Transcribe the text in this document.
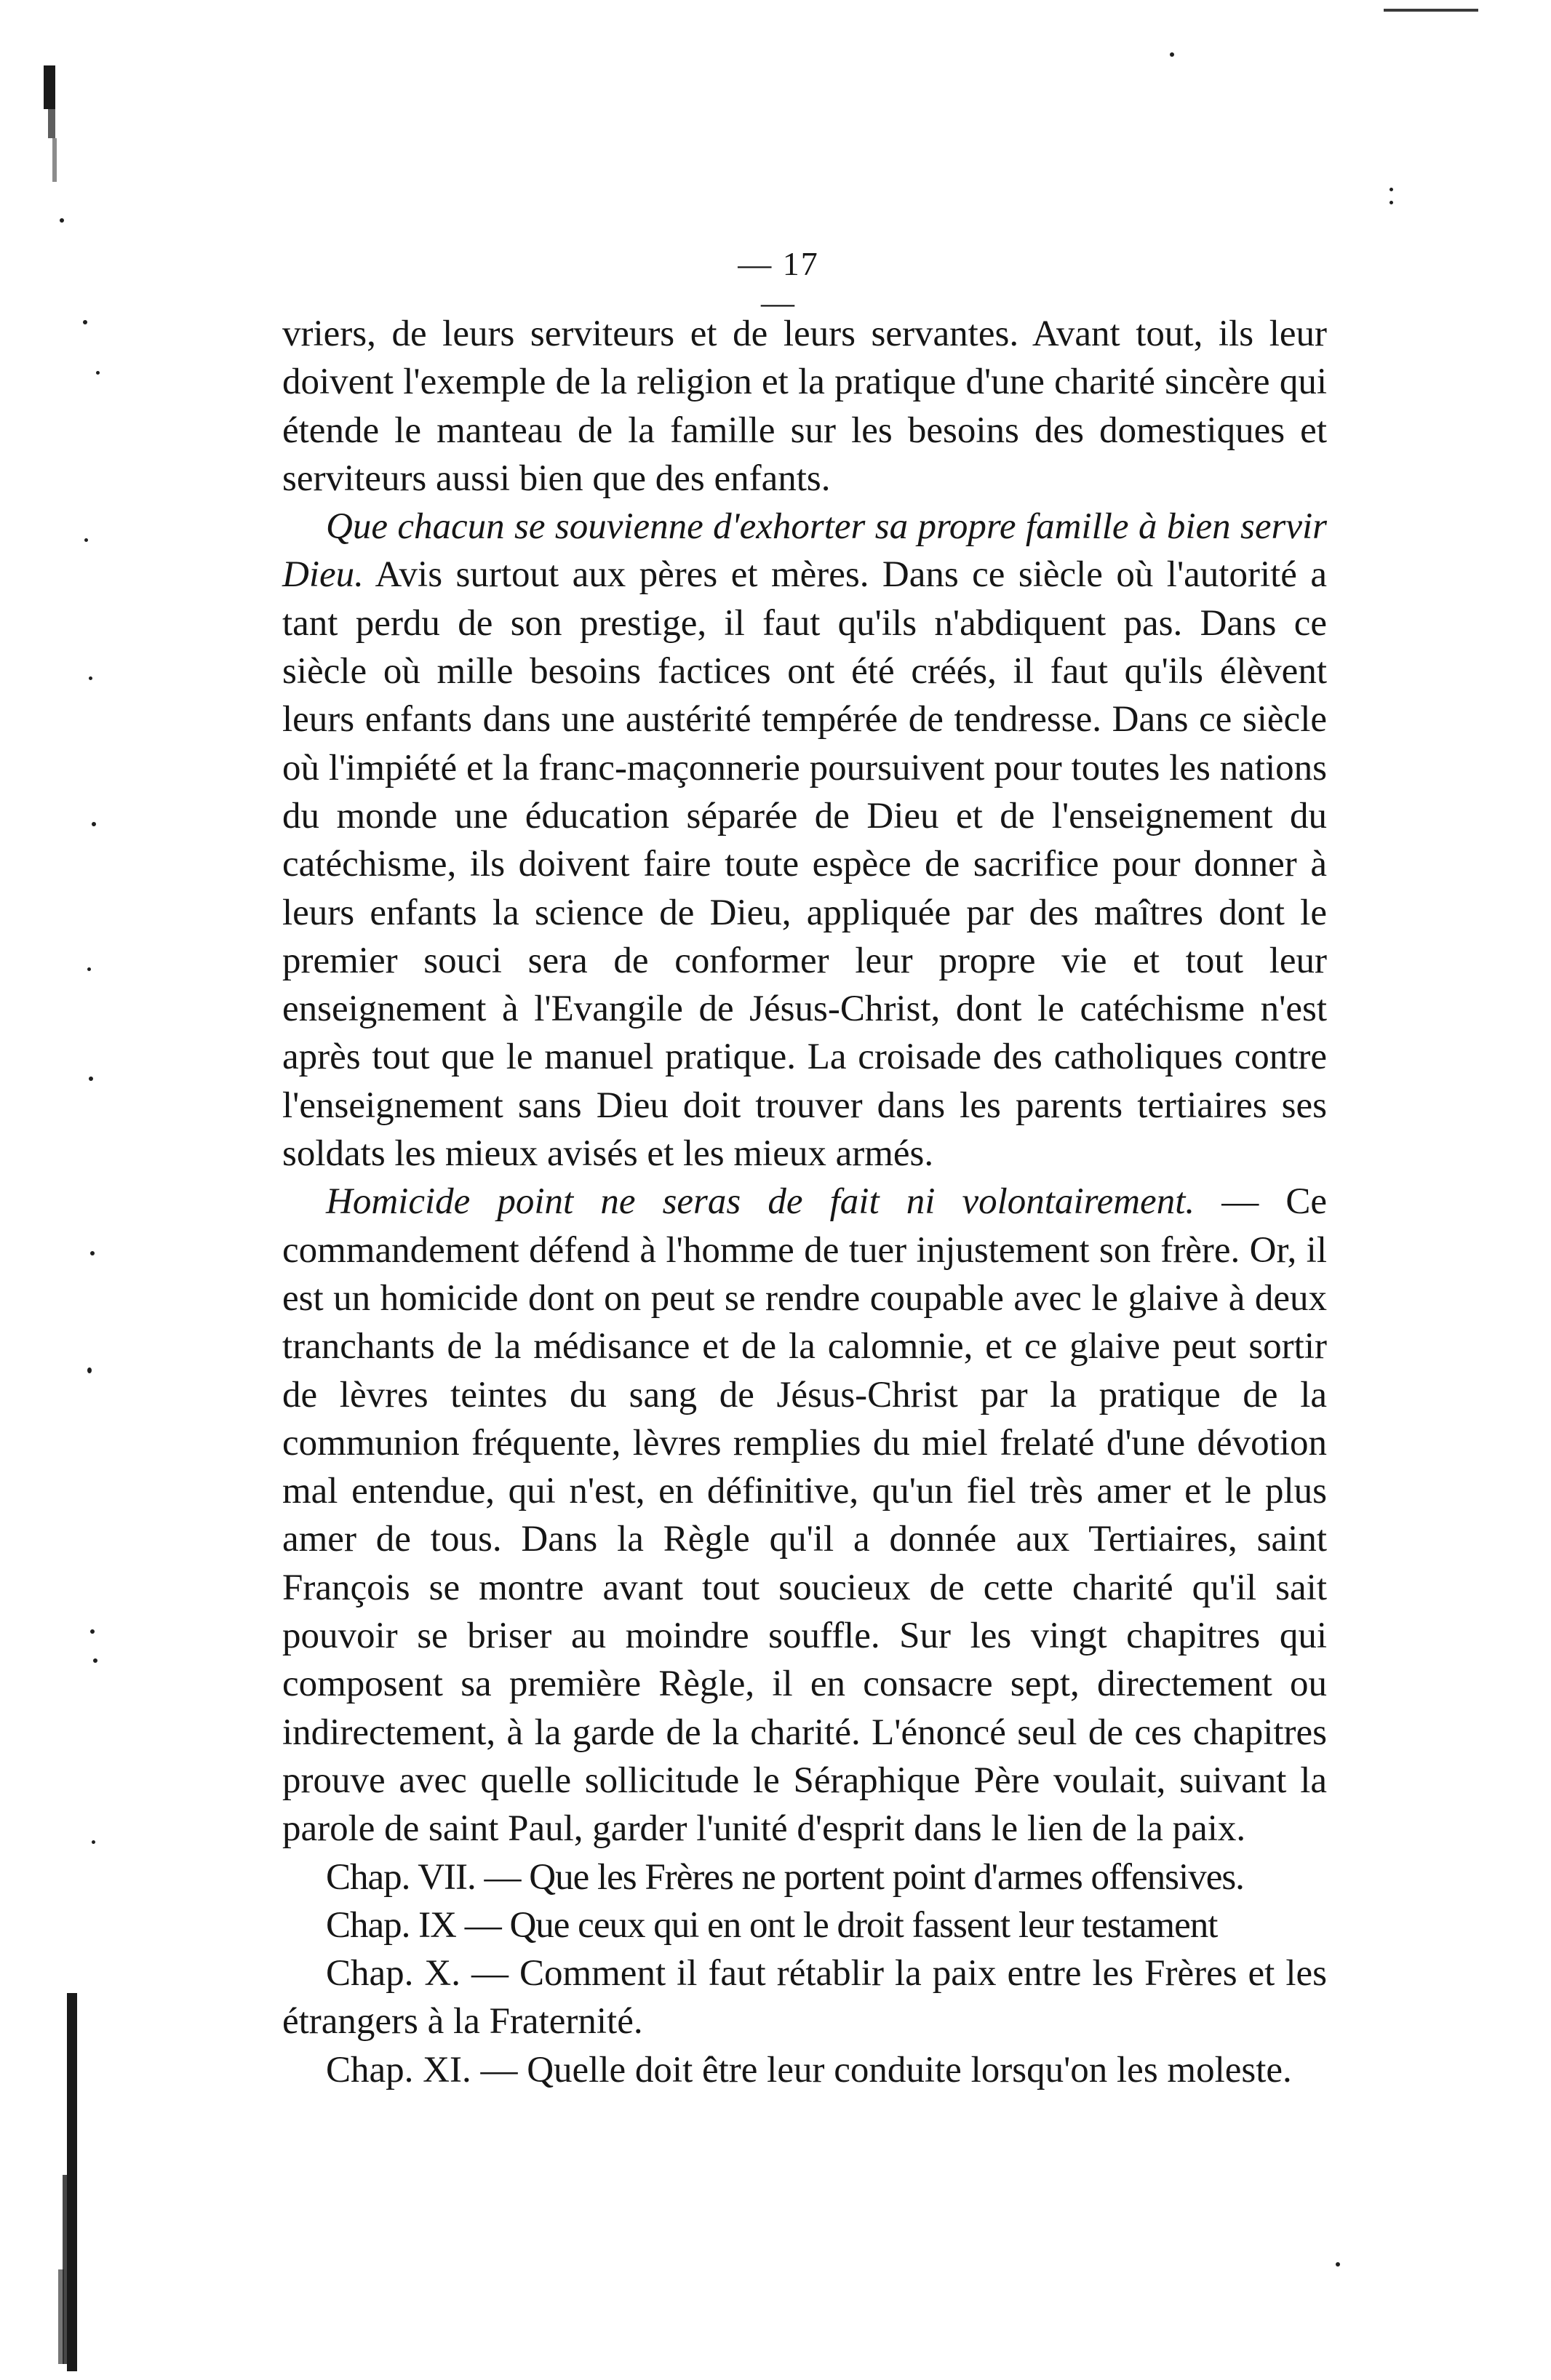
— 17 —

vriers, de leurs serviteurs et de leurs servantes. Avant tout, ils leur doivent l'exemple de la religion et la pratique d'une charité sincère qui étende le manteau de la famille sur les besoins des domestiques et serviteurs aussi bien que des enfants.

Que chacun se souvienne d'exhorter sa propre famille à bien servir Dieu. Avis surtout aux pères et mères. Dans ce siècle où l'autorité a tant perdu de son prestige, il faut qu'ils n'abdiquent pas. Dans ce siècle où mille besoins factices ont été créés, il faut qu'ils élèvent leurs enfants dans une austérité tempérée de tendresse. Dans ce siècle où l'impiété et la franc-maçonnerie poursuivent pour toutes les nations du monde une éducation séparée de Dieu et de l'enseignement du catéchisme, ils doivent faire toute espèce de sacrifice pour donner à leurs enfants la science de Dieu, appliquée par des maîtres dont le premier souci sera de conformer leur propre vie et tout leur enseignement à l'Evangile de Jésus-Christ, dont le catéchisme n'est après tout que le manuel pratique. La croisade des catholiques contre l'enseignement sans Dieu doit trouver dans les parents tertiaires ses soldats les mieux avisés et les mieux armés.

Homicide point ne seras de fait ni volontairement. — Ce commandement défend à l'homme de tuer injustement son frère. Or, il est un homicide dont on peut se rendre coupable avec le glaive à deux tranchants de la médisance et de la calomnie, et ce glaive peut sortir de lèvres teintes du sang de Jésus-Christ par la pratique de la communion fréquente, lèvres remplies du miel frelaté d'une dévotion mal entendue, qui n'est, en définitive, qu'un fiel très amer et le plus amer de tous. Dans la Règle qu'il a donnée aux Tertiaires, saint François se montre avant tout soucieux de cette charité qu'il sait pouvoir se briser au moindre souffle. Sur les vingt chapitres qui composent sa première Règle, il en consacre sept, directement ou indirectement, à la garde de la charité. L'énoncé seul de ces chapitres prouve avec quelle sollicitude le Séraphique Père voulait, suivant la parole de saint Paul, garder l'unité d'esprit dans le lien de la paix.

Chap. VII. — Que les Frères ne portent point d'armes offensives.

Chap. IX — Que ceux qui en ont le droit fassent leur testament

Chap. X. — Comment il faut rétablir la paix entre les Frères et les étrangers à la Fraternité.

Chap. XI. — Quelle doit être leur conduite lorsqu'on les moleste.
